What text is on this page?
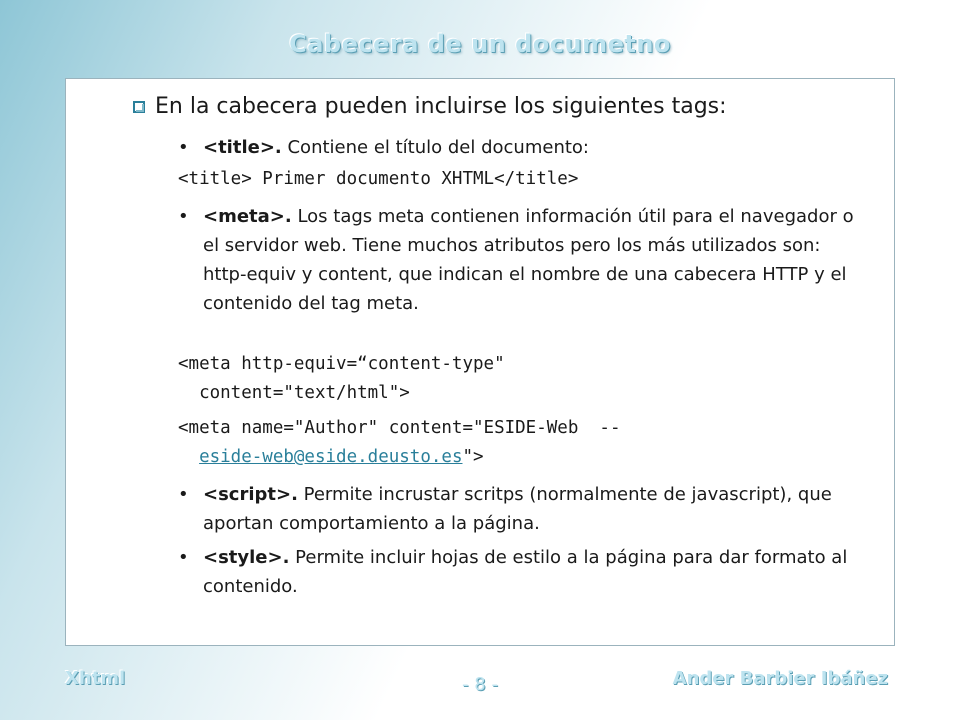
Cabecera de un documetno
En la cabecera pueden incluirse los siguientes tags:
• <title>. Contiene el título del documento:
<title> Primer documento XHTML</title>
• <meta>. Los tags meta contienen información útil para el navegador o el servidor web. Tiene muchos atributos pero los más utilizados son: http-equiv y content, que indican el nombre de una cabecera HTTP y el contenido del tag meta.
<meta http-equiv=“content-type"
content="text/html">
<meta name="Author" content="ESIDE-Web  --
eside-web@eside.deusto.es">
• <script>. Permite incrustar scritps (normalmente de javascript), que aportan comportamiento a la página.
• <style>. Permite incluir hojas de estilo a la página para dar formato al contenido.
Xhtml	- 8 -	Ander Barbier Ibáñez
